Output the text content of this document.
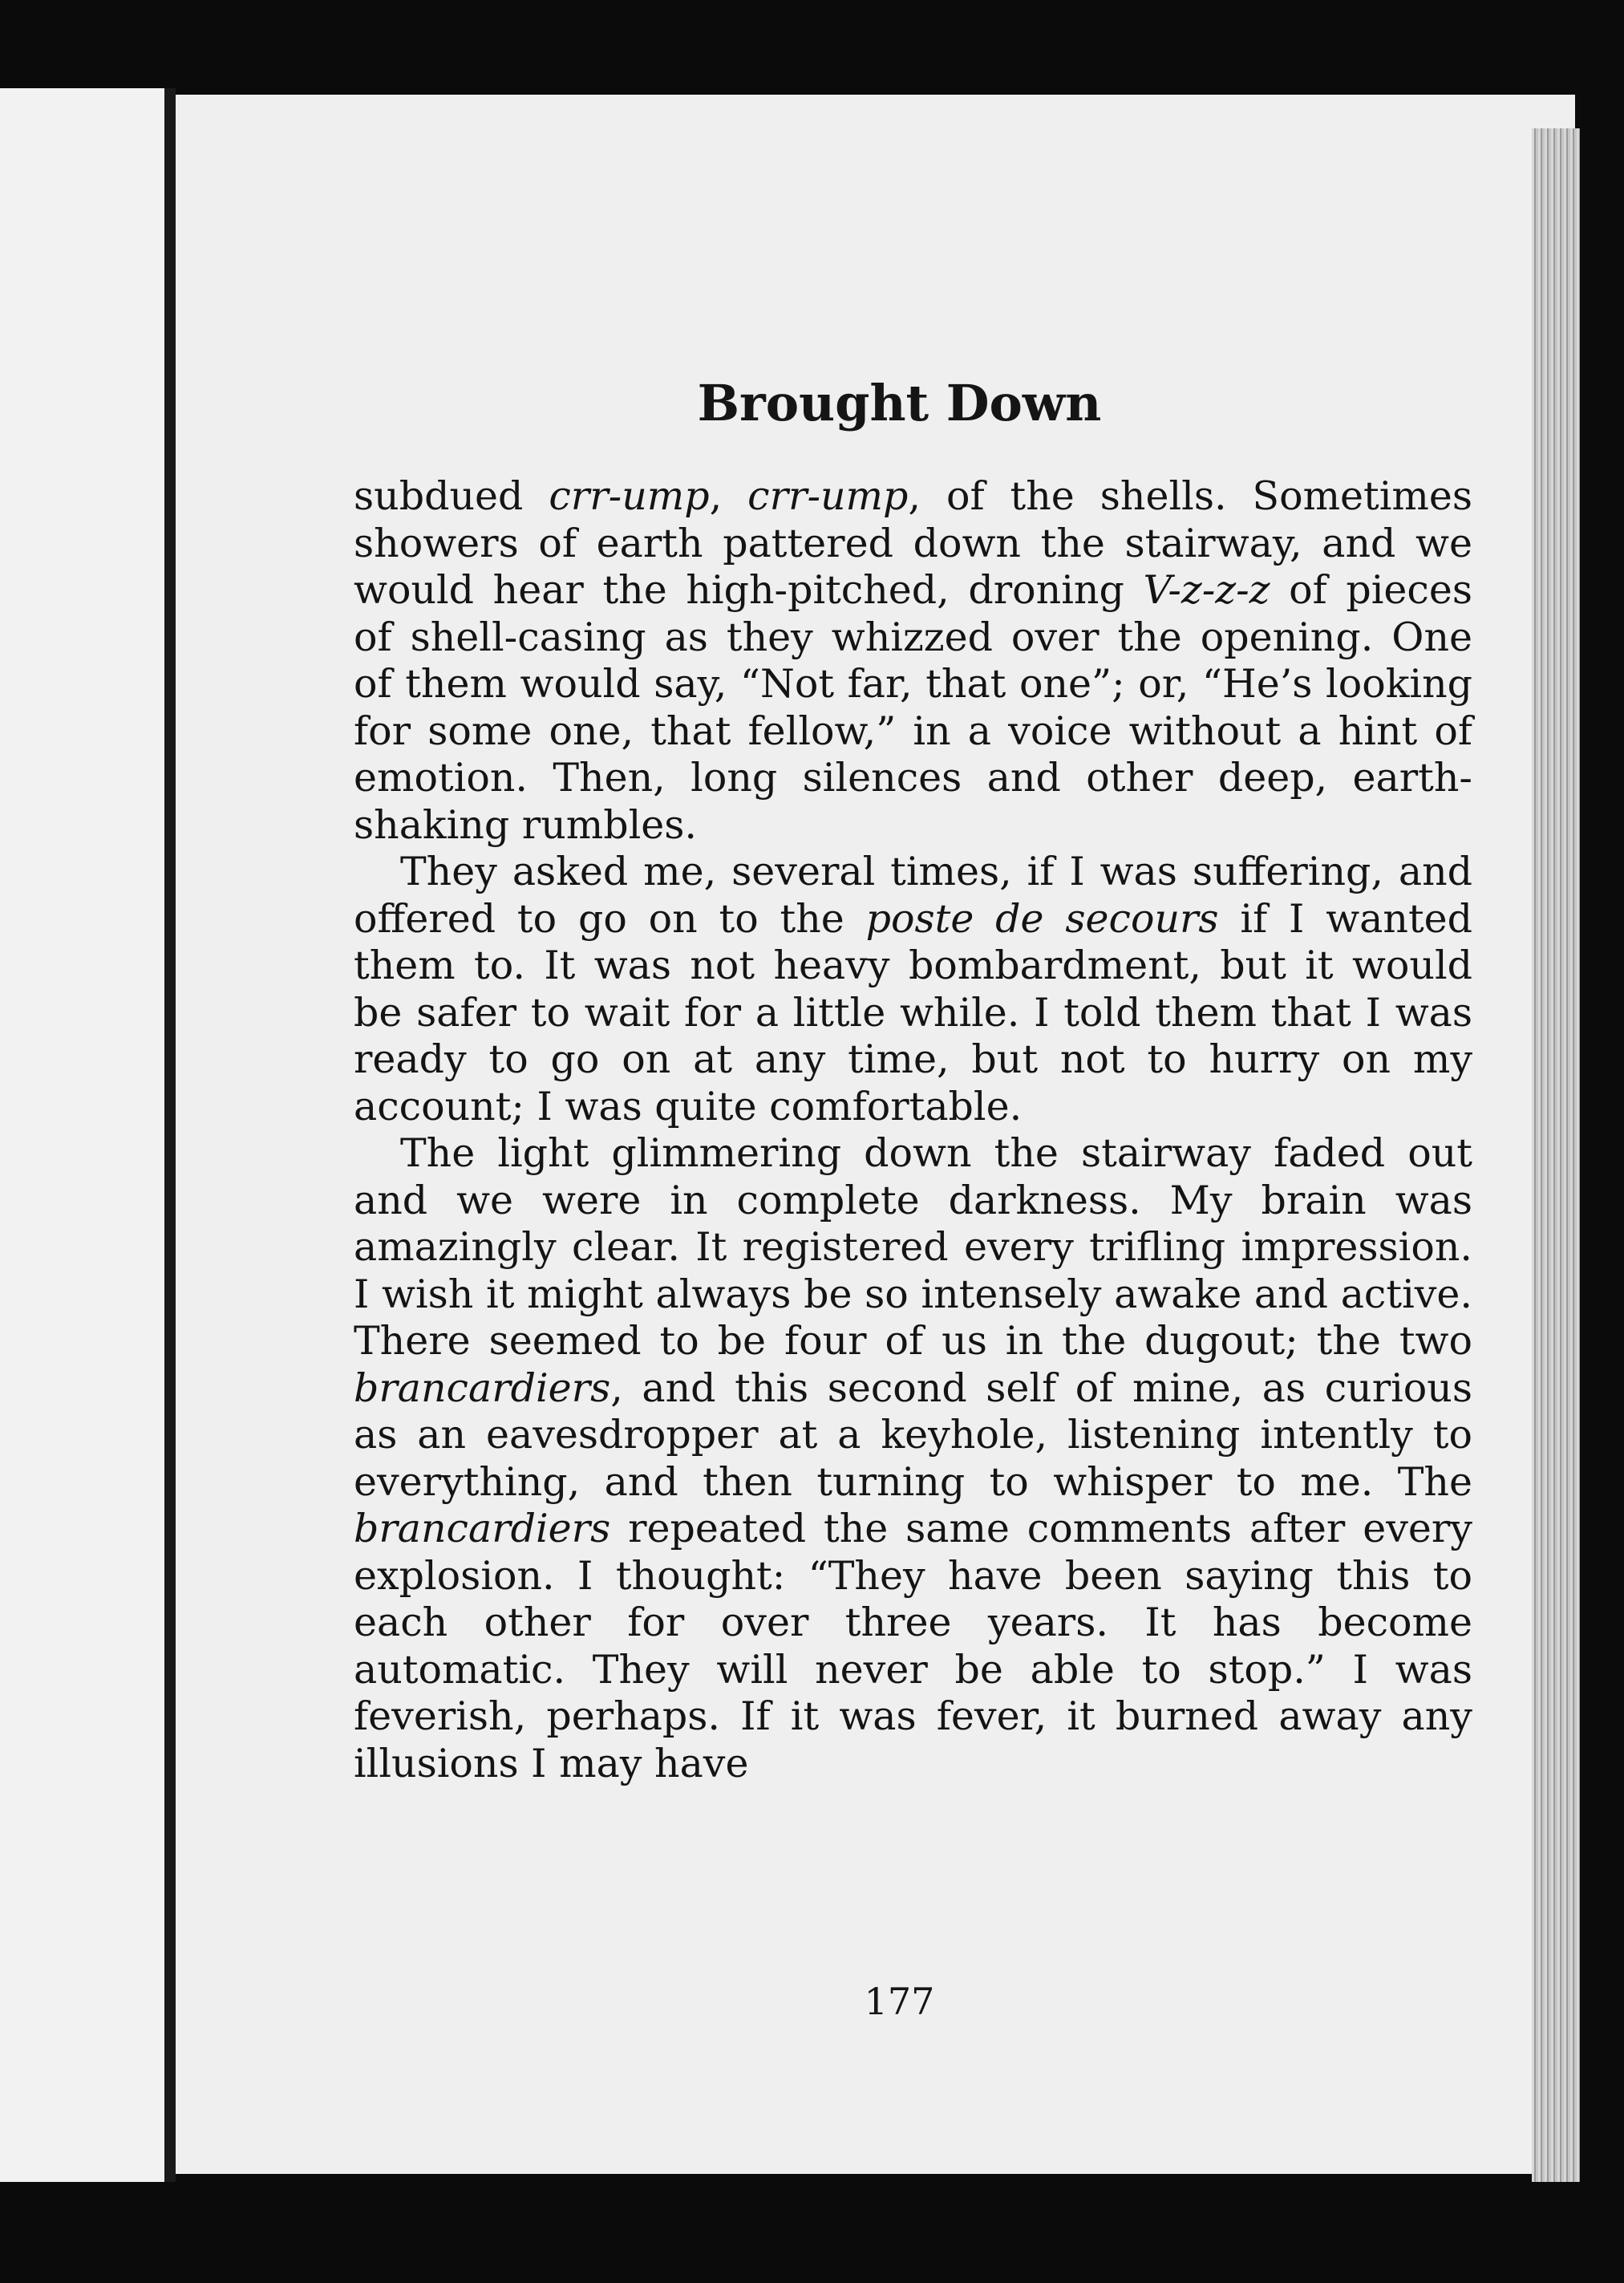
Brought Down

subdued crr-ump, crr-ump, of the shells. Sometimes showers of earth pattered down the stairway, and we would hear the high-pitched, droning V-z-z-z of pieces of shell-casing as they whizzed over the opening. One of them would say, “Not far, that one”; or, “He’s looking for some one, that fellow,” in a voice without a hint of emotion. Then, long silences and other deep, earth-shaking rumbles.

They asked me, several times, if I was suffering, and offered to go on to the poste de secours if I wanted them to. It was not heavy bombardment, but it would be safer to wait for a little while. I told them that I was ready to go on at any time, but not to hurry on my account; I was quite comfortable.

The light glimmering down the stairway faded out and we were in complete darkness. My brain was amazingly clear. It registered every trifling impression. I wish it might always be so intensely awake and active. There seemed to be four of us in the dugout; the two brancardiers, and this second self of mine, as curious as an eavesdropper at a keyhole, listening intently to everything, and then turning to whisper to me. The brancardiers repeated the same comments after every explosion. I thought: “They have been saying this to each other for over three years. It has become automatic. They will never be able to stop.” I was feverish, perhaps. If it was fever, it burned away any illusions I may have

177
